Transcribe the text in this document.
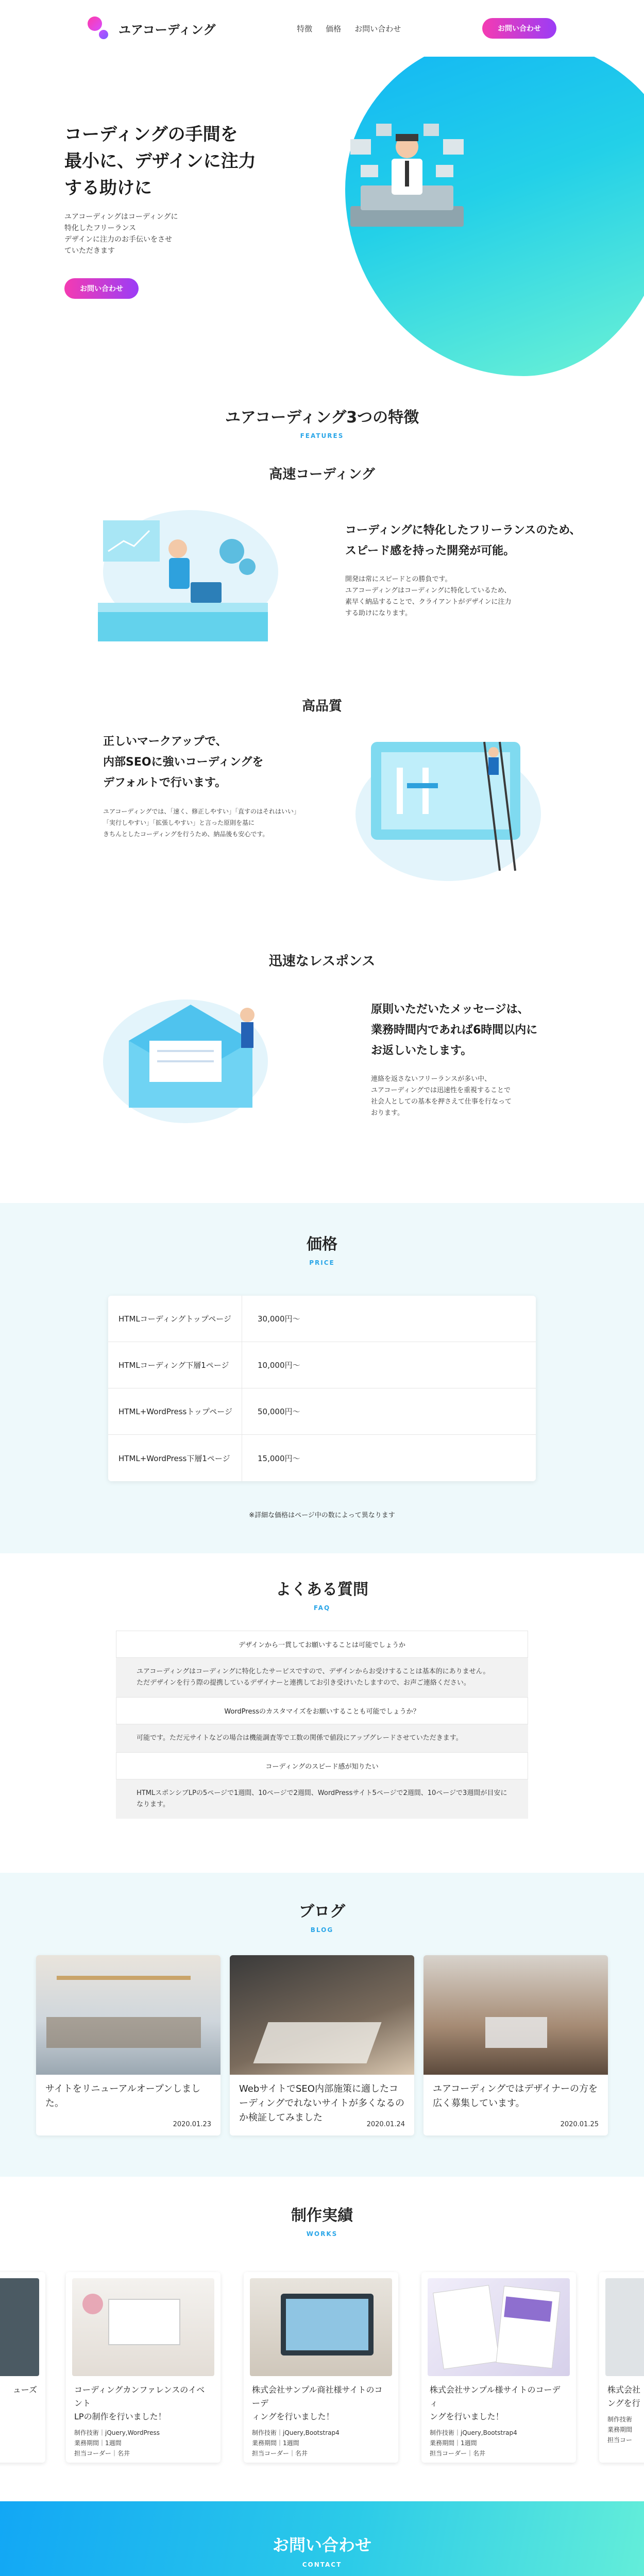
ユアコーディング	特徴 価格 お問い合わせ	お問い合わせ
コーディングの手間を
最小に、デザインに注力
する助けに

ユアコーディングはコーディングに
特化したフリーランス
デザインに注力のお手伝いをさせ
ていただきます

お問い合わせ
ユアコーディング3つの特徴
FEATURES
高速コーディング
コーディングに特化したフリーランスのため、
スピード感を持った開発が可能。

開発は常にスピードとの勝負です。
ユアコーディングはコーディングに特化しているため、
素早く納品することで、クライアントがデザインに注力
する助けになります。

高品質
正しいマークアップで、
内部SEOに強いコーディングを
デフォルトで行います。

ユアコーディングでは、「速く、修正しやすい」「直すのはそれはいい」
「実行しやすい」「拡張しやすい」と言った原則を基に
きちんとしたコーディングを行うため、納品後も安心です。

迅速なレスポンス
原則いただいたメッセージは、
業務時間内であれば6時間以内に
お返しいたします。

連絡を返さないフリーランスが多い中、
ユアコーディングでは迅速性を重視することで
社会人としての基本を押さえて仕事を行なって
おります。

価格
PRICE
HTMLコーディングトップページ	30,000円〜
HTMLコーディング下層1ページ	10,000円〜
HTML+WordPressトップページ	50,000円〜
HTML+WordPress下層1ページ	15,000円〜
※詳細な価格はページ中の数によって異なります
よくある質問
FAQ
デザインから一貫してお願いすることは可能でしょうか
ユアコーディングはコーディングに特化したサービスですので、デザインからお受けすることは基本的にありません。
ただデザインを行う際の提携しているデザイナーと連携してお引き受けいたしますので、お声ご連絡ください。
WordPressのカスタマイズをお願いすることも可能でしょうか？
可能です。ただ元サイトなどの場合は機能調査等で工数の関係で値段にアップグレードさせていただきます。
コーディングのスピード感が知りたい
HTMLスポンシブLPの5ページで1週間、10ページで2週間、WordPressサイト5ページで2週間、10ページで3週間が目安に
なります。
ブログ
BLOG
サイトをリニューアルオープンしました。
2020.01.23
WebサイトでSEO内部施策に適したコーディングでれないサイトが多くなるのか検証してみました
2020.01.24
ユアコーディングではデザイナーの方を広く募集しています。
2020.01.25
制作実績
WORKS
ューズ	コーディングカンファレンスのイベント
LPの制作を行いました！
制作技術｜jQuery,WordPress
業務期間｜1週間
担当コーダー｜名井
株式会社サンプル商社様サイトのコーデ
ィングを行いました！
制作技術｜jQuery,Bootstrap4
業務期間｜1週間
担当コーダー｜名井
株式会社サンプル様サイトのコーディ
ングを行いました！
制作技術｜jQuery,Bootstrap4
業務期間｜1週間
担当コーダー｜名井
株式会社
ングを行
制作技術
業務期間
担当コー
お問い合わせ
CONTACT
